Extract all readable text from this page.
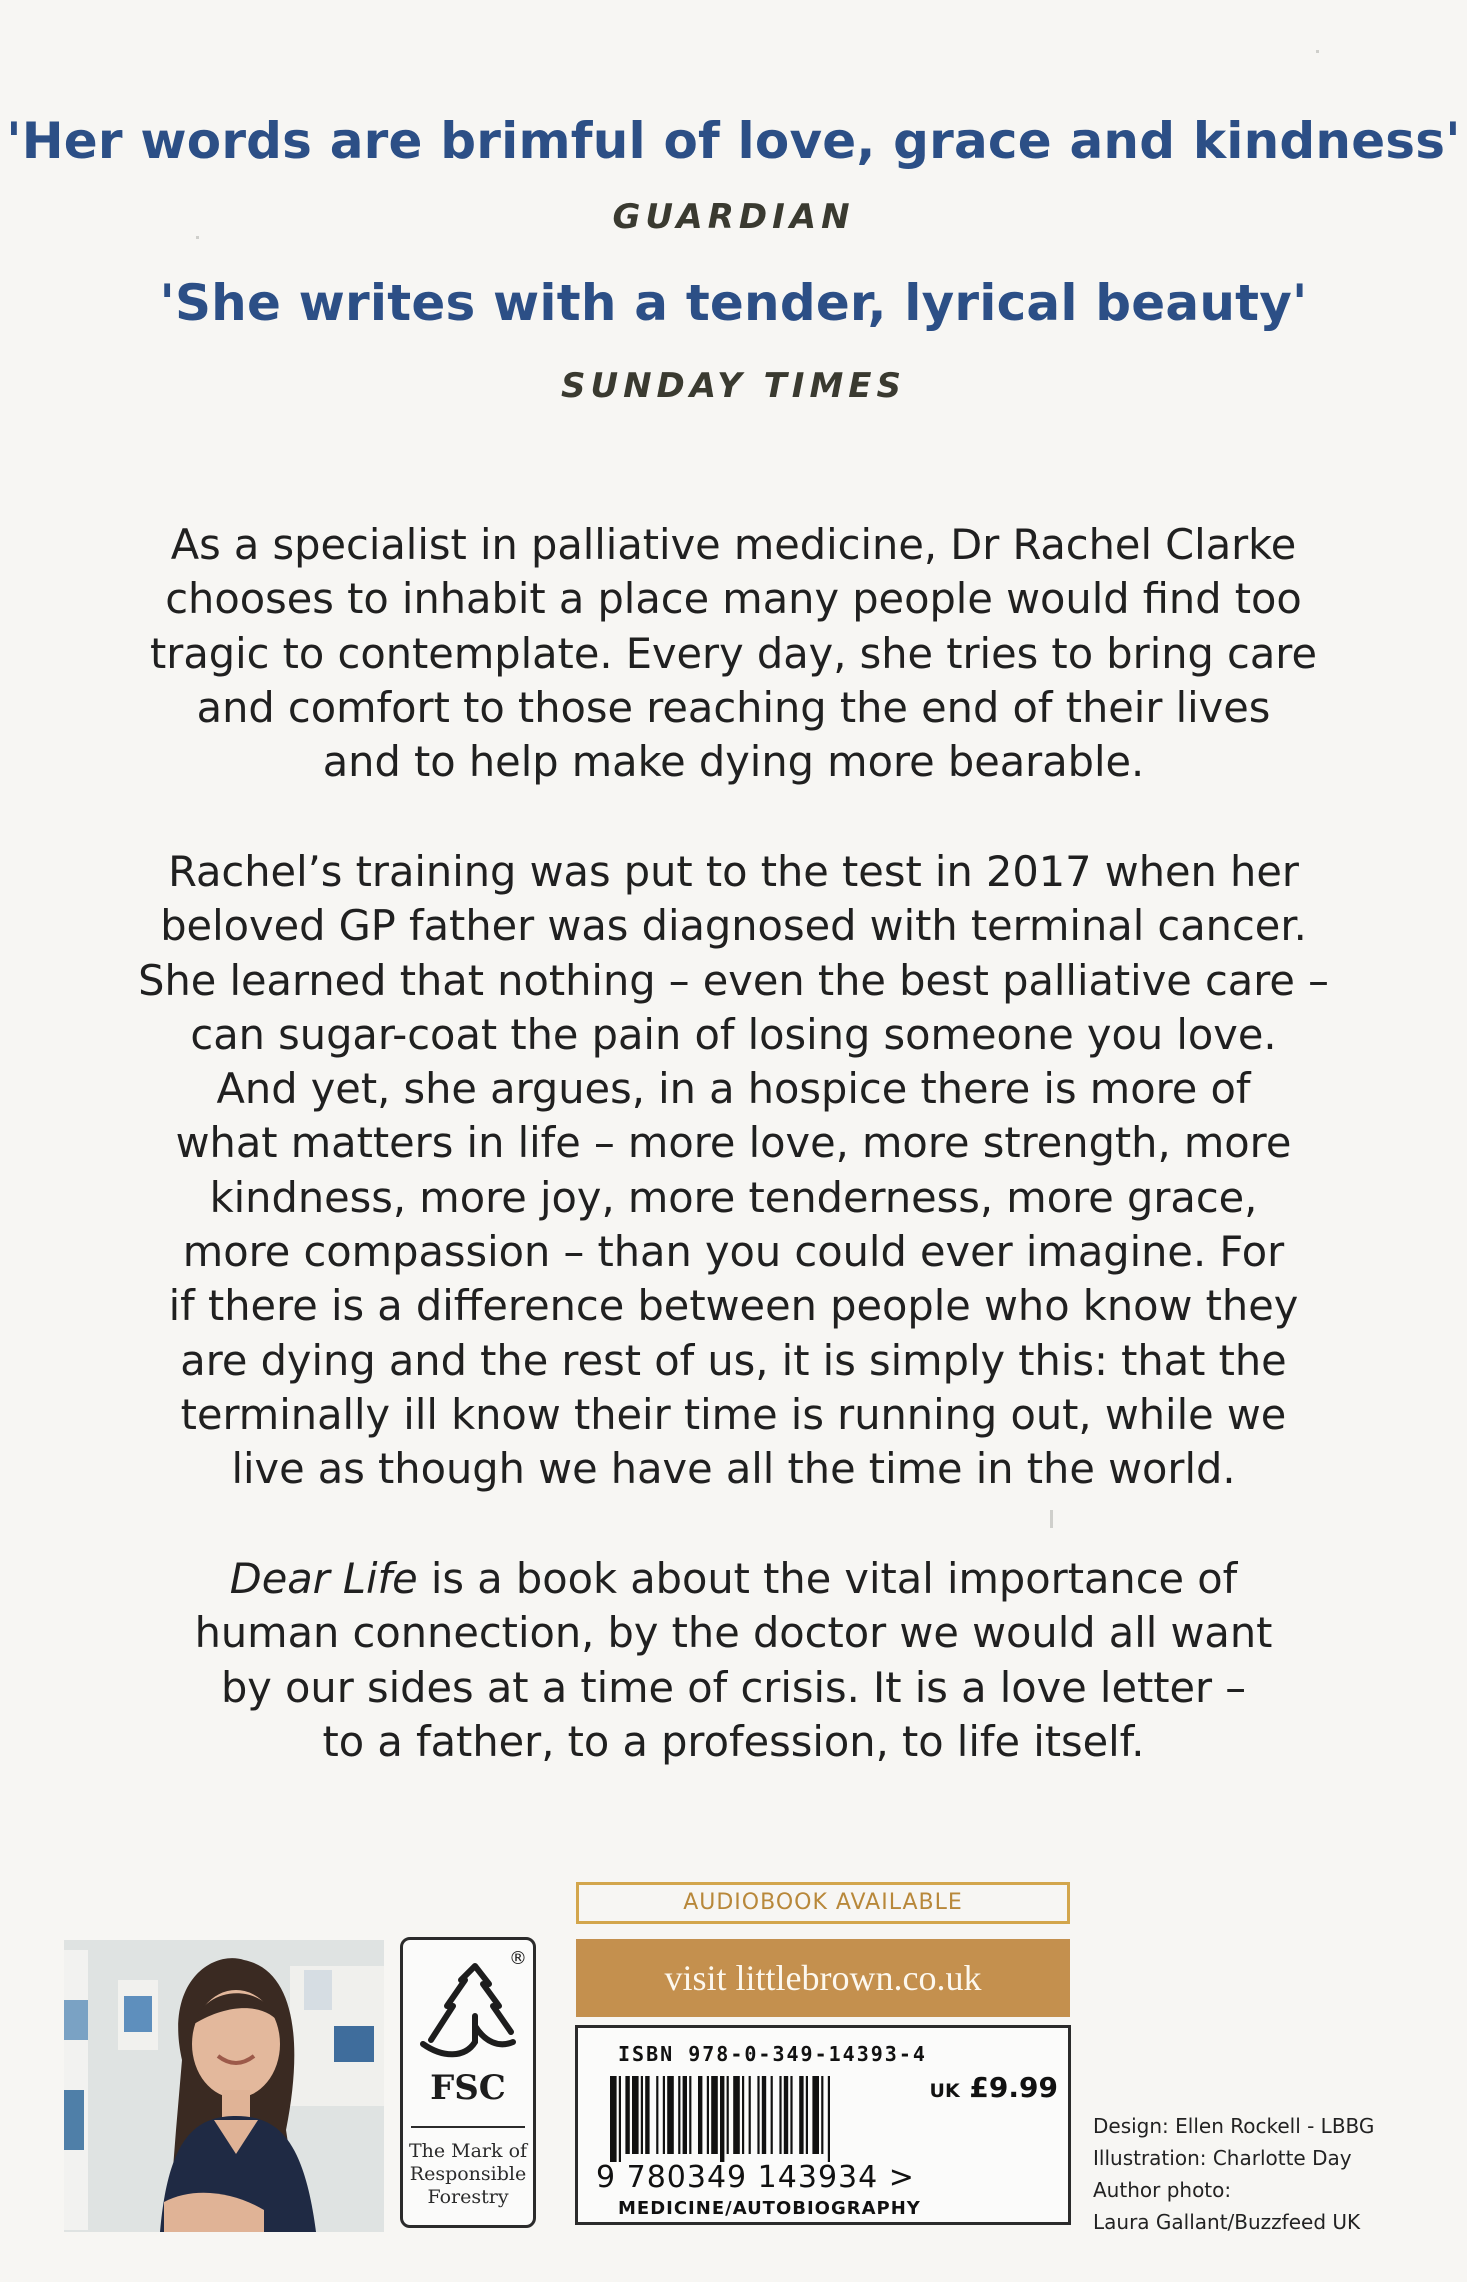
'Her words are brimful of love, grace and kindness'
GUARDIAN
'She writes with a tender, lyrical beauty'
SUNDAY TIMES

As a specialist in palliative medicine, Dr Rachel Clarke

chooses to inhabit a place many people would find too

tragic to contemplate. Every day, she tries to bring care

and comfort to those reaching the end of their lives

and to help make dying more bearable.

Rachel’s training was put to the test in 2017 when her

beloved GP father was diagnosed with terminal cancer.

She learned that nothing – even the best palliative care –

can sugar-coat the pain of losing someone you love.

And yet, she argues, in a hospice there is more of

what matters in life – more love, more strength, more

kindness, more joy, more tenderness, more grace,

more compassion – than you could ever imagine. For

if there is a difference between people who know they

are dying and the rest of us, it is simply this: that the

terminally ill know their time is running out, while we

live as though we have all the time in the world.

Dear Life is a book about the vital importance of

human connection, by the doctor we would all want

by our sides at a time of crisis. It is a love letter –

to a father, to a profession, to life itself.

®
FSC
The Mark of
Responsible
Forestry
AUDIOBOOK AVAILABLE
visit littlebrown.co.uk
ISBN 978-0-349-14393-4
UK £9.99
9 780349 143934 >
MEDICINE/AUTOBIOGRAPHY
Design: Ellen Rockell - LBBG
Illustration: Charlotte Day
Author photo:
Laura Gallant/Buzzfeed UK
